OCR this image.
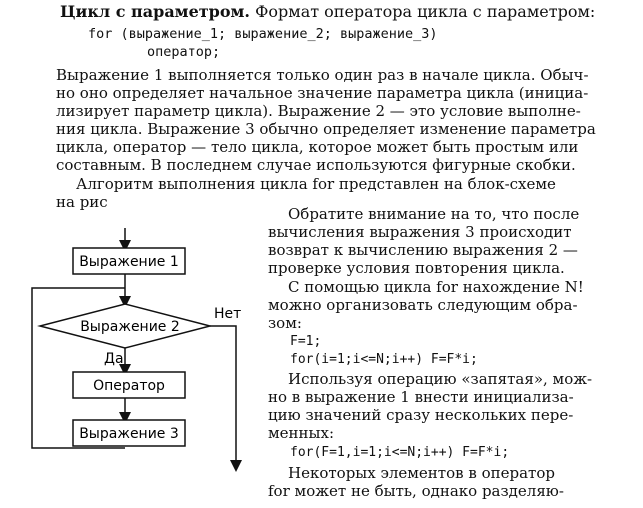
Цикл с параметром. Формат оператора цикла с параметром:
for (выражение_1; выражение_2; выражение_3)
оператор;
Выражение 1 выполняется только один раз в начале цикла. Обыч-
но оно определяет начальное значение параметра цикла (инициа-
лизирует параметр цикла). Выражение 2 — это условие выполне-
ния цикла. Выражение 3 обычно определяет изменение параметра
цикла, оператор — тело цикла, которое может быть простым или
составным. В последнем случае используются фигурные скобки.
Алгоритм выполнения цикла for представлен на блок-схеме
на рис
Обратите внимание на то, что после
вычисления выражения 3 происходит
возврат к вычислению выражения 2 —
проверке условия повторения цикла.
С помощью цикла for нахождение N!
можно организовать следующим обра-
зом:
F=1;
for(i=1;i<=N;i++) F=F*i;
Используя операцию «запятая», мож-
но в выражение 1 внести инициализа-
цию значений сразу нескольких пере-
менных:
for(F=1,i=1;i<=N;i++) F=F*i;
Некоторых элементов в оператор
for может не быть, однако разделяю-
Выражение 1
Выражение 2
Нет
Да
Оператор
Выражение 3
